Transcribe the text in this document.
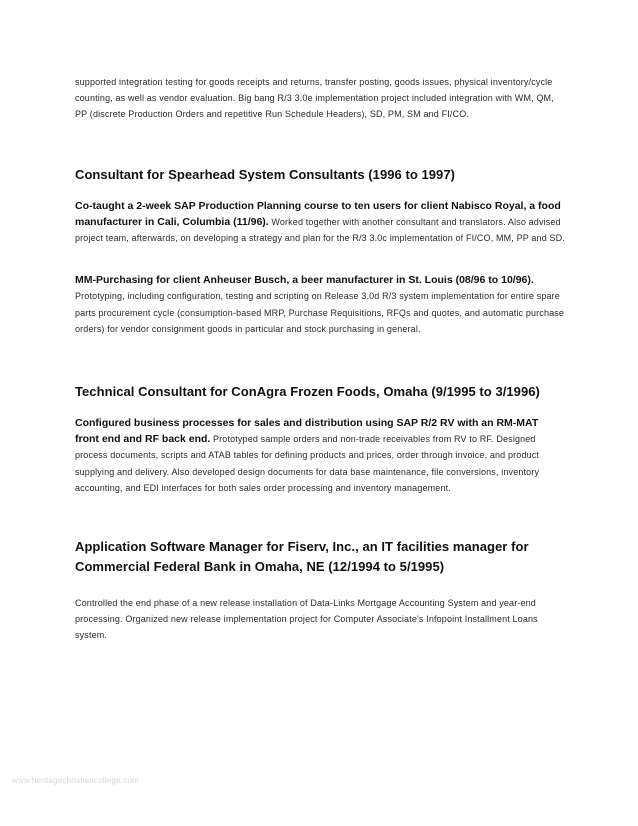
supported integration testing for goods receipts and returns, transfer posting, goods issues, physical inventory/cycle counting, as well as vendor evaluation. Big bang R/3 3.0e implementation project included integration with WM, QM, PP (discrete Production Orders and repetitive Run Schedule Headers), SD, PM, SM and FI/CO.

Consultant for Spearhead System Consultants (1996 to 1997)

Co-taught a 2-week SAP Production Planning course to ten users for client Nabisco Royal, a food manufacturer in Cali, Columbia (11/96). Worked together with another consultant and translators. Also advised project team, afterwards, on developing a strategy and plan for the R/3 3.0c implementation of FI/CO, MM, PP and SD.

MM-Purchasing for client Anheuser Busch, a beer manufacturer in St. Louis (08/96 to 10/96). Prototyping, including configuration, testing and scripting on Release 3.0d R/3 system implementation for entire spare parts procurement cycle (consumption-based MRP, Purchase Requisitions, RFQs and quotes, and automatic purchase orders) for vendor consignment goods in particular and stock purchasing in general.

Technical Consultant for ConAgra Frozen Foods, Omaha (9/1995 to 3/1996)

Configured business processes for sales and distribution using SAP R/2 RV with an RM-MAT front end and RF back end. Prototyped sample orders and non-trade receivables from RV to RF. Designed process documents, scripts and ATAB tables for defining products and prices, order through invoice, and product supplying and delivery. Also developed design documents for data base maintenance, file conversions, inventory accounting, and EDI interfaces for both sales order processing and inventory management.

Application Software Manager for Fiserv, Inc., an IT facilities manager for Commercial Federal Bank in Omaha, NE (12/1994 to 5/1995)

Controlled the end phase of a new release installation of Data-Links Mortgage Accounting System and year-end processing. Organized new release implementation project for Computer Associate's Infopoint Installment Loans system.

www.heritagechristiancollege.com
